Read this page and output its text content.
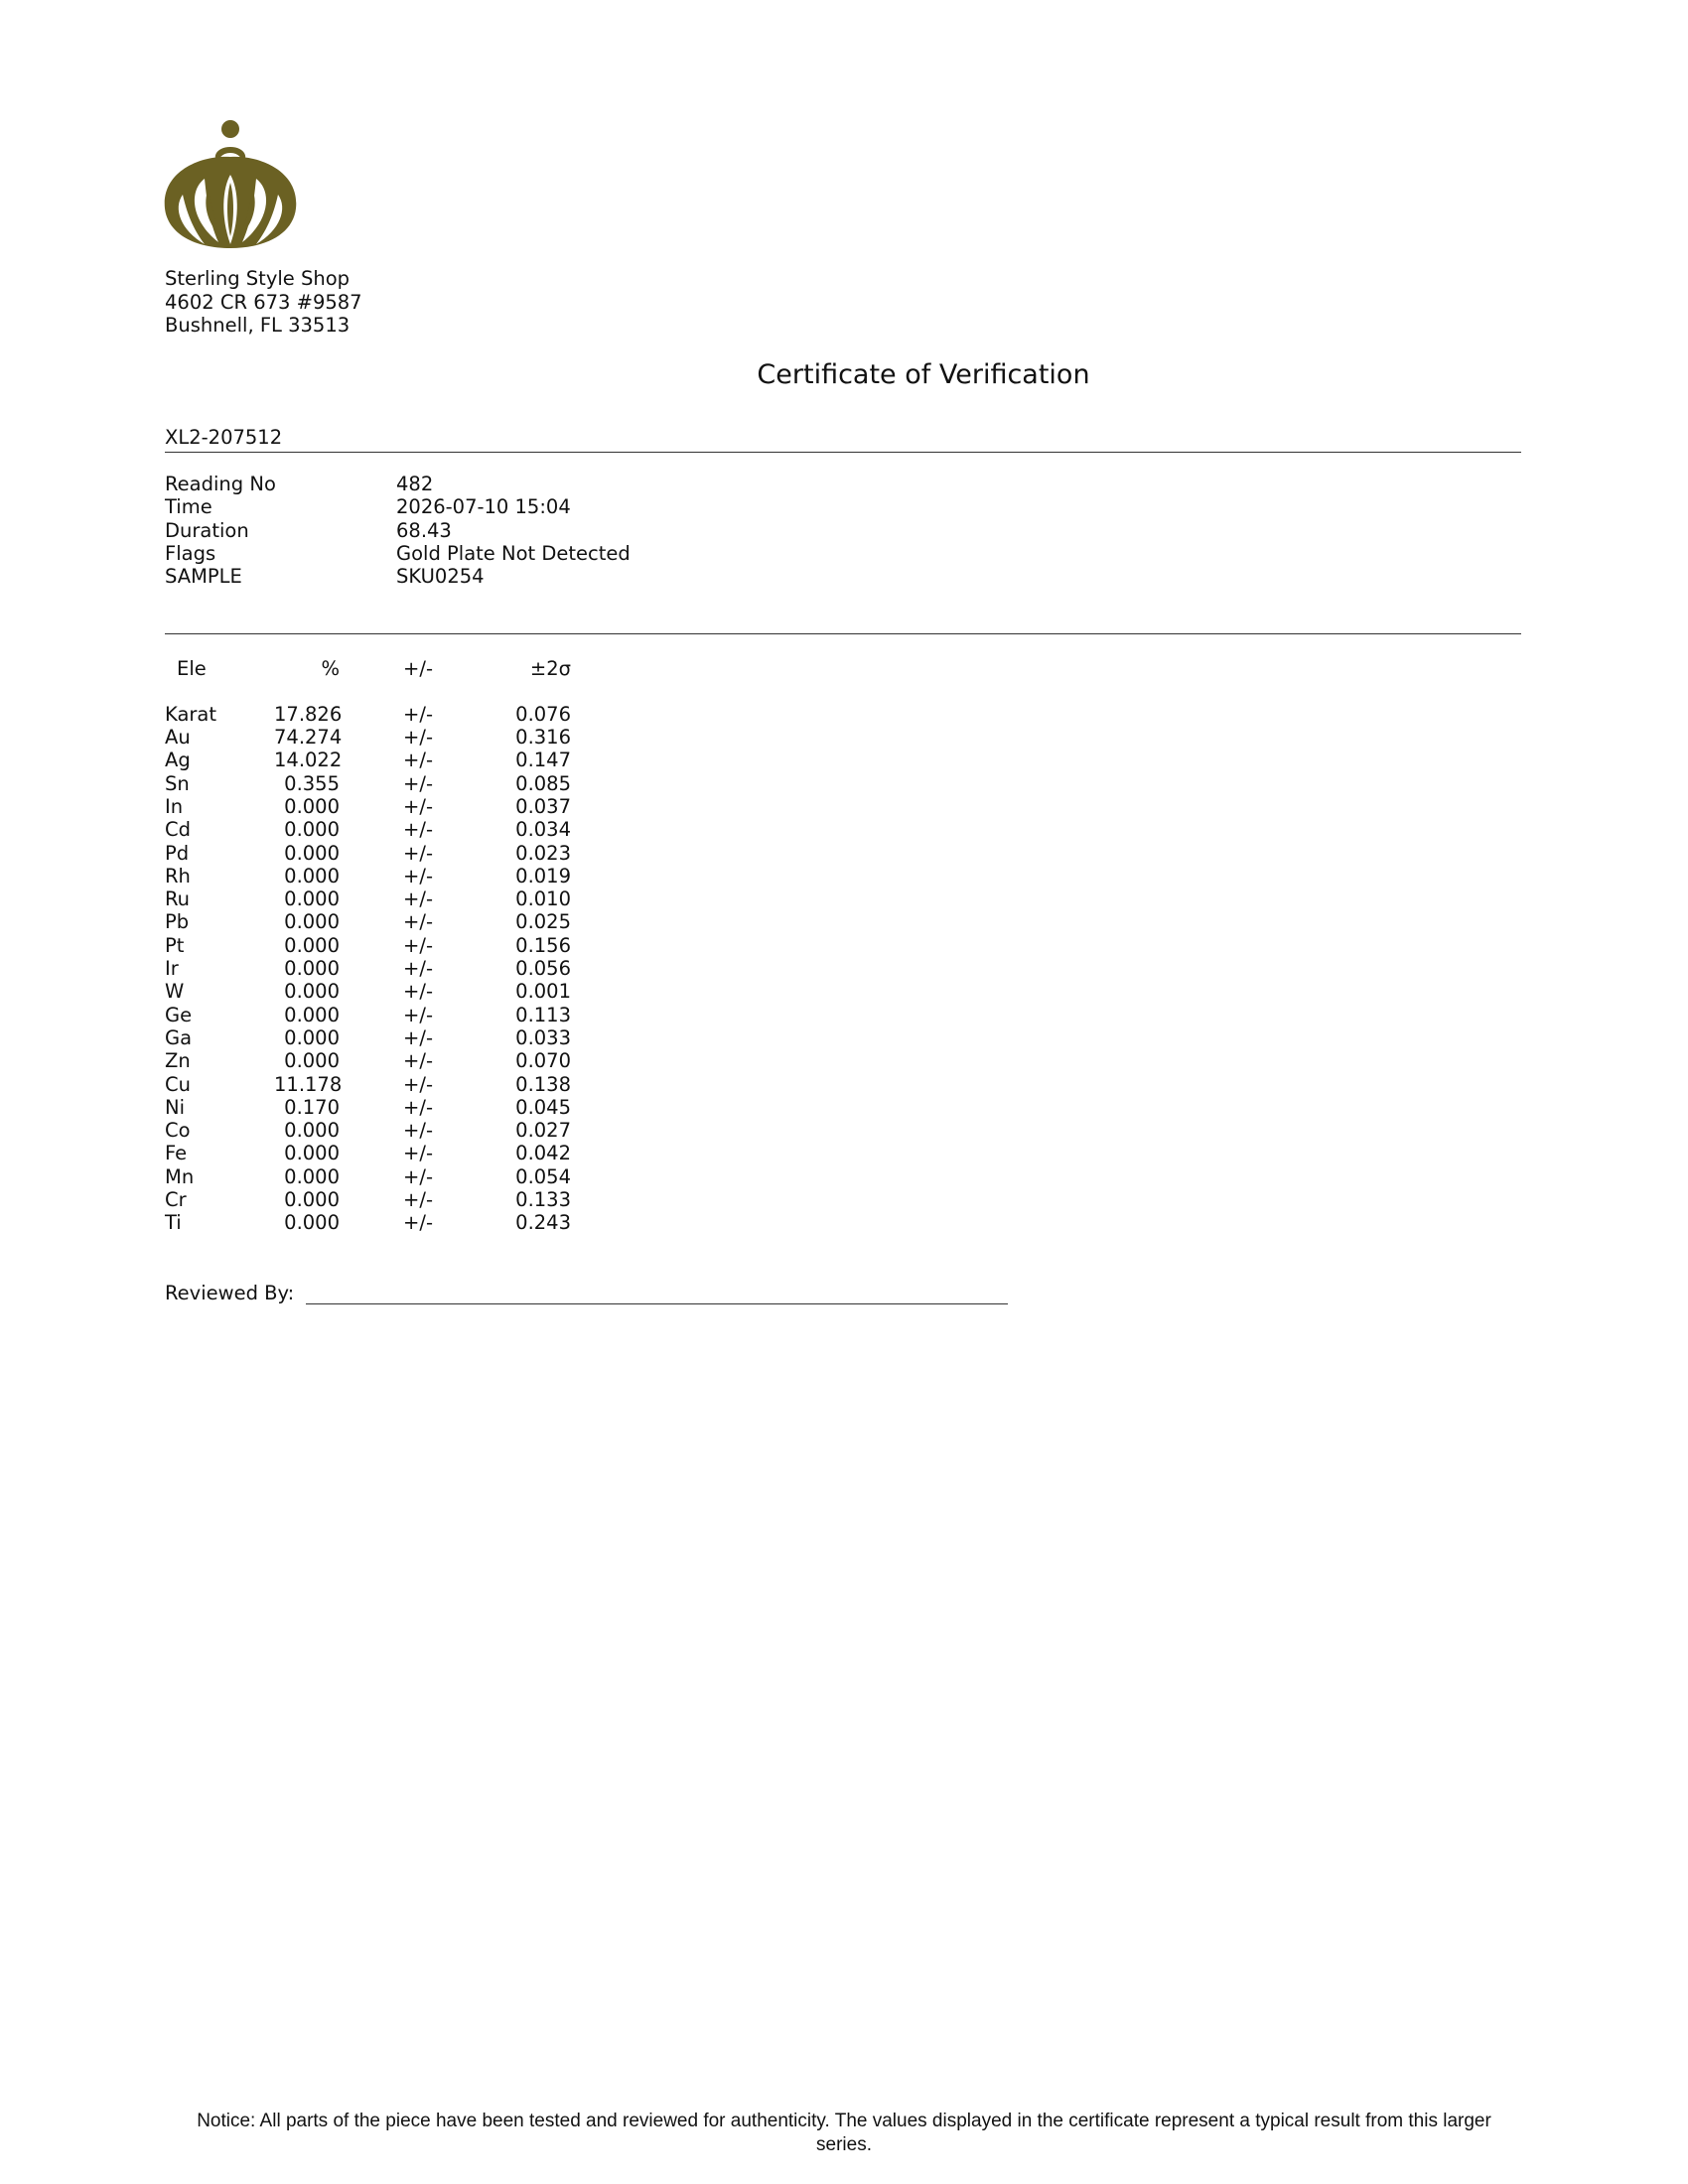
Sterling Style Shop
4602 CR 673 #9587
Bushnell, FL 33513
Certificate of Verification
XL2-207512
Reading No	482
Time	2026-07-10 15:04
Duration	68.43
Flags	Gold Plate Not Detected
SAMPLE	SKU0254
Ele	%	+/-	±2σ
Karat	17.826	+/-	0.076
Au	74.274	+/-	0.316
Ag	14.022	+/-	0.147
Sn	0.355	+/-	0.085
In	0.000	+/-	0.037
Cd	0.000	+/-	0.034
Pd	0.000	+/-	0.023
Rh	0.000	+/-	0.019
Ru	0.000	+/-	0.010
Pb	0.000	+/-	0.025
Pt	0.000	+/-	0.156
Ir	0.000	+/-	0.056
W	0.000	+/-	0.001
Ge	0.000	+/-	0.113
Ga	0.000	+/-	0.033
Zn	0.000	+/-	0.070
Cu	11.178	+/-	0.138
Ni	0.170	+/-	0.045
Co	0.000	+/-	0.027
Fe	0.000	+/-	0.042
Mn	0.000	+/-	0.054
Cr	0.000	+/-	0.133
Ti	0.000	+/-	0.243
Reviewed By:
Notice: All parts of the piece have been tested and reviewed for authenticity. The values displayed in the certificate represent a typical result from this larger series.
